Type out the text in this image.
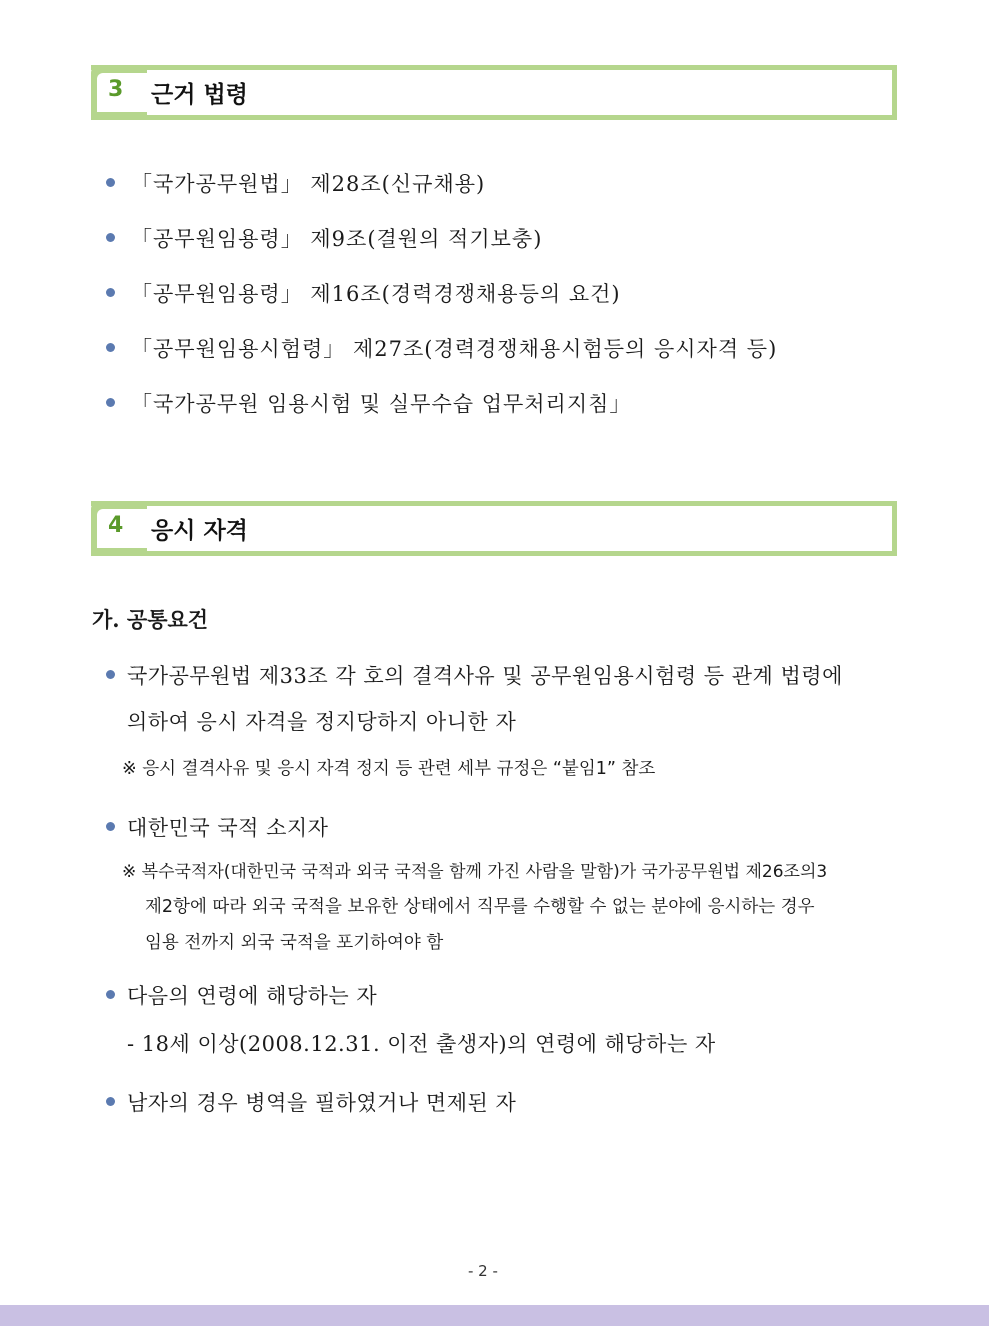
3	근거 법령
「국가공무원법」 제28조(신규채용)
「공무원임용령」 제9조(결원의 적기보충)
「공무원임용령」 제16조(경력경쟁채용등의 요건)
「공무원임용시험령」 제27조(경력경쟁채용시험등의 응시자격 등)
「국가공무원 임용시험 및 실무수습 업무처리지침」
4	응시 자격
가. 공통요건
국가공무원법 제33조 각 호의 결격사유 및 공무원임용시험령 등 관계 법령에
의하여 응시 자격을 정지당하지 아니한 자
※ 응시 결격사유 및 응시 자격 정지 등 관련 세부 규정은 “붙임1” 참조
대한민국 국적 소지자
※ 복수국적자(대한민국 국적과 외국 국적을 함께 가진 사람을 말함)가 국가공무원법 제26조의3
제2항에 따라 외국 국적을 보유한 상태에서 직무를 수행할 수 없는 분야에 응시하는 경우
임용 전까지 외국 국적을 포기하여야 함
다음의 연령에 해당하는 자
- 18세 이상(2008.12.31. 이전 출생자)의 연령에 해당하는 자
남자의 경우 병역을 필하였거나 면제된 자
- 2 -
